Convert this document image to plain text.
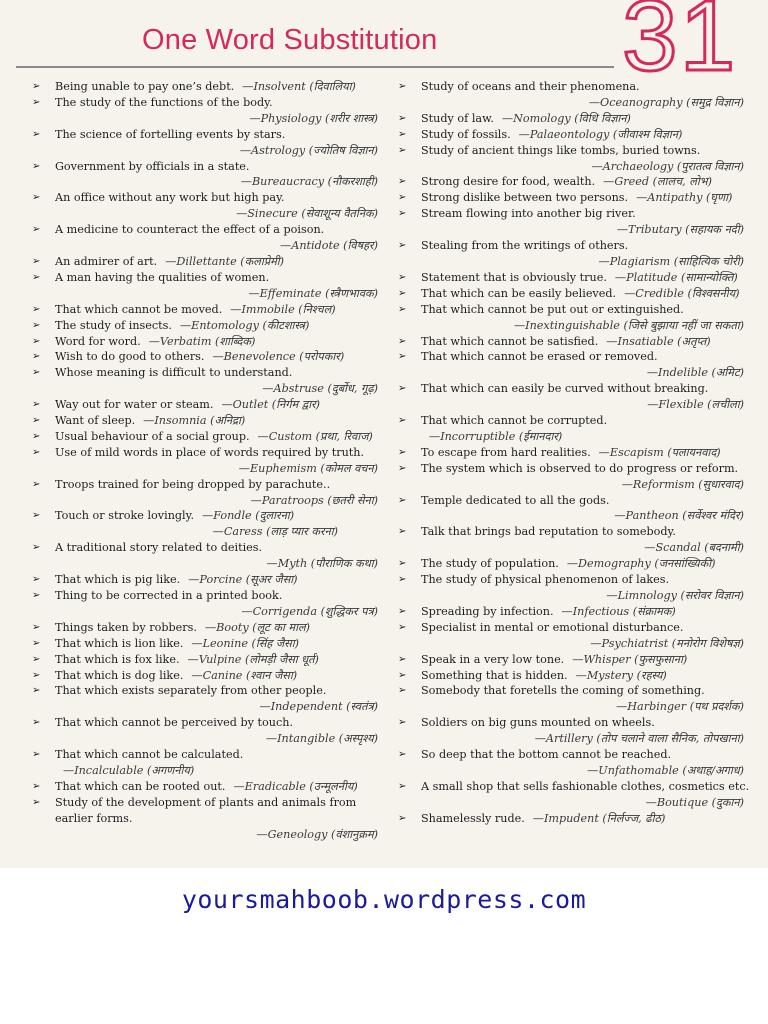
One Word Substitution 31
➢ Being unable to pay one’s debt. —Insolvent (दिवालिया)
➢ The study of the functions of the body.
—Physiology (शरीर शास्त्र)
➢ The science of fortelling events by stars.
—Astrology (ज्योतिष विज्ञान)
➢ Government by officials in a state.
—Bureaucracy (नौकरशाही)
➢ An office without any work but high pay.
—Sinecure (सेवाशून्य वैतनिक)
➢ A medicine to counteract the effect of a poison.
—Antidote (विषहर)
➢ An admirer of art. —Dillettante (कलाप्रेमी)
➢ A man having the qualities of women.
—Effeminate (स्त्रैणभावक)
➢ That which cannot be moved. —Immobile (निश्चल)
➢ The study of insects. —Entomology (कीटशास्त्र)
➢ Word for word. —Verbatim (शाब्दिक)
➢ Wish to do good to others. —Benevolence (परोपकार)
➢ Whose meaning is difficult to understand.
—Abstruse (दुर्बोध, गूढ़)
➢ Way out for water or steam. —Outlet (निर्गम द्वार)
➢ Want of sleep. —Insomnia (अनिद्रा)
➢ Usual behaviour of a social group. —Custom (प्रथा, रिवाज)
➢ Use of mild words in place of words required by truth.
—Euphemism (कोमल वचन)
➢ Troops trained for being dropped by parachute..
—Paratroops (छतरी सेना)
➢ Touch or stroke lovingly. —Fondle (दुलारना)
—Caress (लाड़ प्यार करना)
➢ A traditional story related to deities.
—Myth (पौराणिक कथा)
➢ That which is pig like. —Porcine (सूअर जैसा)
➢ Thing to be corrected in a printed book.
—Corrigenda (शुद्धिकर पत्र)
➢ Things taken by robbers. —Booty (लूट का माल)
➢ That which is lion like. —Leonine (सिंह जैसा)
➢ That which is fox like. —Vulpine (लोमड़ी जैसा धूर्त)
➢ That which is dog like. —Canine (श्वान जैसा)
➢ That which exists separately from other people.
—Independent (स्वतंत्र)
➢ That which cannot be perceived by touch.
—Intangible (अस्पृश्य)
➢ That which cannot be calculated.—Incalculable (अगणनीय)
➢ That which can be rooted out. —Eradicable (उन्मूलनीय)
➢ Study of the development of plants and animals from earlier forms.
—Geneology (वंशानुक्रम)
➢ Study of oceans and their phenomena.
—Oceanography (समुद्र विज्ञान)
➢ Study of law. —Nomology (विधि विज्ञान)
➢ Study of fossils. —Palaeontology (जीवाश्म विज्ञान)
➢ Study of ancient things like tombs, buried towns.
—Archaeology (पुरातत्व विज्ञान)
➢ Strong desire for food, wealth. —Greed (लालच, लोभ)
➢ Strong dislike between two persons. —Antipathy (घृणा)
➢ Stream flowing into another big river.
—Tributary (सहायक नदी)
➢ Stealing from the writings of others.
—Plagiarism (साहित्यिक चोरी)
➢ Statement that is obviously true. —Platitude (सामान्योक्ति)
➢ That which can be easily believed. —Credible (विश्वसनीय)
➢ That which cannot be put out or extinguished.
—Inextinguishable (जिसे बुझाया नहीं जा सकता)
➢ That which cannot be satisfied. —Insatiable (अतृप्त)
➢ That which cannot be erased or removed.
—Indelible (अमिट)
➢ That which can easily be curved without breaking.
—Flexible (लचीला)
➢ That which cannot be corrupted.—Incorruptible (ईमानदार)
➢ To escape from hard realities. —Escapism (पलायनवाद)
➢ The system which is observed to do progress or reform.
—Reformism (सुधारवाद)
➢ Temple dedicated to all the gods.
—Pantheon (सर्वेश्वर मंदिर)
➢ Talk that brings bad reputation to somebody.
—Scandal (बदनामी)
➢ The study of population. —Demography (जनसांख्यिकी)
➢ The study of physical phenomenon of lakes.
—Limnology (सरोवर विज्ञान)
➢ Spreading by infection. —Infectious (संक्रामक)
➢ Specialist in mental or emotional disturbance.
—Psychiatrist (मनोरोग विशेषज्ञ)
➢ Speak in a very low tone. —Whisper (फुसफुसाना)
➢ Something that is hidden. —Mystery (रहस्य)
➢ Somebody that foretells the coming of something.
—Harbinger (पथ प्रदर्शक)
➢ Soldiers on big guns mounted on wheels.
—Artillery (तोप चलाने वाला सैनिक, तोपखाना)
➢ So deep that the bottom cannot be reached.
—Unfathomable (अथाह/अगाध)
➢ A small shop that sells fashionable clothes, cosmetics etc.
—Boutique (दुकान)
➢ Shamelessly rude. —Impudent (निर्लज्ज, ढीठ)
yoursmahboob.wordpress.com
